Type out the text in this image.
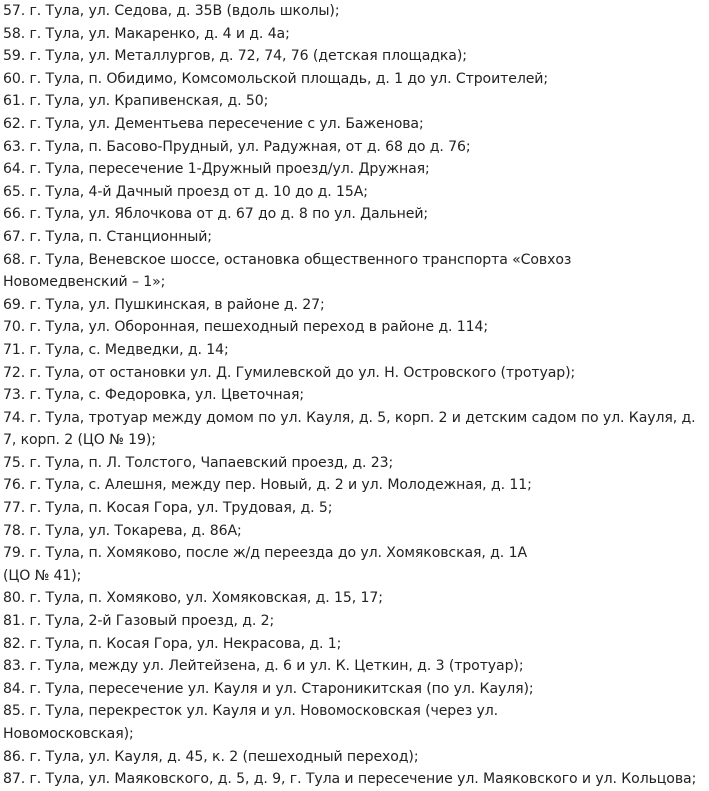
57. г. Тула, ул. Седова, д. 35В (вдоль школы);
58. г. Тула, ул. Макаренко, д. 4 и д. 4а;
59. г. Тула, ул. Металлургов, д. 72, 74, 76 (детская площадка);
60. г. Тула, п. Обидимо, Комсомольской площадь, д. 1 до ул. Строителей;
61. г. Тула, ул. Крапивенская, д. 50;
62. г. Тула, ул. Дементьева пересечение с ул. Баженова;
63. г. Тула, п. Басово-Прудный, ул. Радужная, от д. 68 до д. 76;
64. г. Тула, пересечение 1-Дружный проезд/ул. Дружная;
65. г. Тула, 4-й Дачный проезд от д. 10 до д. 15А;
66. г. Тула, ул. Яблочкова от д. 67 до д. 8 по ул. Дальней;
67. г. Тула, п. Станционный;
68. г. Тула, Веневское шоссе, остановка общественного транспорта «Совхоз
Новомедвенский – 1»;
69. г. Тула, ул. Пушкинская, в районе д. 27;
70. г. Тула, ул. Оборонная, пешеходный переход в районе д. 114;
71. г. Тула, с. Медведки, д. 14;
72. г. Тула, от остановки ул. Д. Гумилевской до ул. Н. Островского (тротуар);
73. г. Тула, с. Федоровка, ул. Цветочная;
74. г. Тула, тротуар между домом по ул. Кауля, д. 5, корп. 2 и детским садом по ул. Кауля, д.
7, корп. 2 (ЦО № 19);
75. г. Тула, п. Л. Толстого, Чапаевский проезд, д. 23;
76. г. Тула, с. Алешня, между пер. Новый, д. 2 и ул. Молодежная, д. 11;
77. г. Тула, п. Косая Гора, ул. Трудовая, д. 5;
78. г. Тула, ул. Токарева, д. 86А;
79. г. Тула, п. Хомяково, после ж/д переезда до ул. Хомяковская, д. 1А
(ЦО № 41);
80. г. Тула, п. Хомяково, ул. Хомяковская, д. 15, 17;
81. г. Тула, 2-й Газовый проезд, д. 2;
82. г. Тула, п. Косая Гора, ул. Некрасова, д. 1;
83. г. Тула, между ул. Лейтейзена, д. 6 и ул. К. Цеткин, д. 3 (тротуар);
84. г. Тула, пересечение ул. Кауля и ул. Староникитская (по ул. Кауля);
85. г. Тула, перекресток ул. Кауля и ул. Новомосковская (через ул.
Новомосковская);
86. г. Тула, ул. Кауля, д. 45, к. 2 (пешеходный переход);
87. г. Тула, ул. Маяковского, д. 5, д. 9, г. Тула и пересечение ул. Маяковского и ул. Кольцова;
